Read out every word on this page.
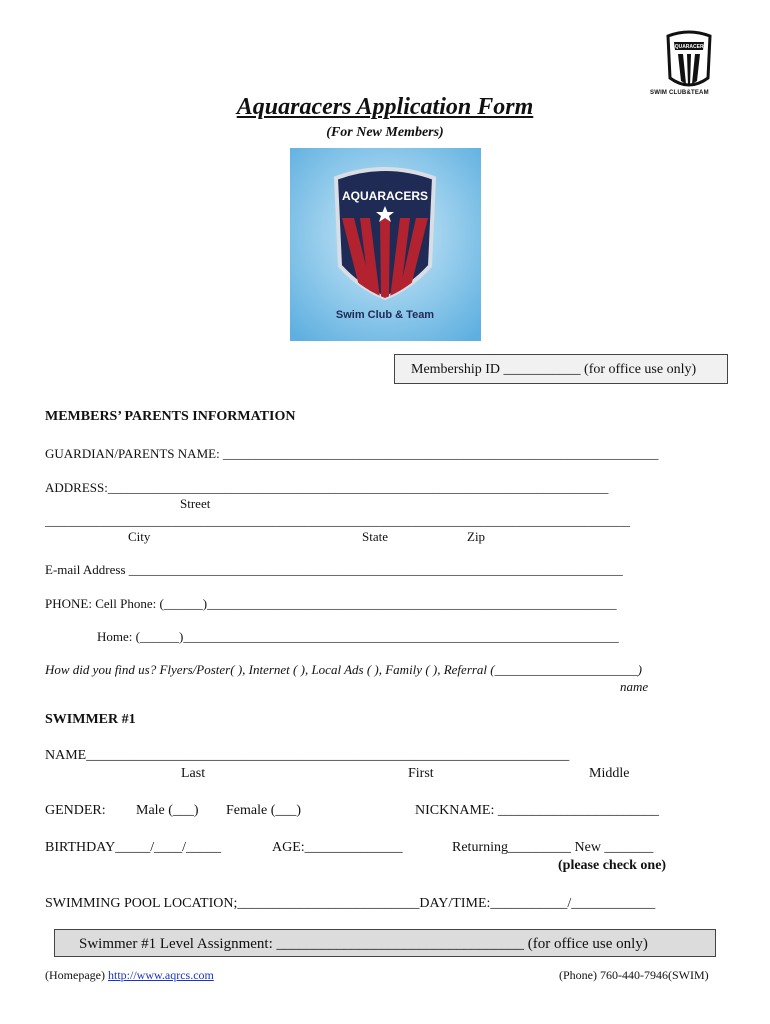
AQUARACERS
SWIM CLUB&TEAM
Aquaracers Application Form
(For New Members)
AQUARACERS
Swim Club & Team
Membership ID ___________ (for office use only)
MEMBERS’ PARENTS INFORMATION
GUARDIAN/PARENTS NAME: ___________________________________________________________________
ADDRESS:_____________________________________________________________________________
Street
__________________________________________________________________________________________
City	State	Zip
E-mail Address ____________________________________________________________________________
PHONE: Cell Phone: (______)_______________________________________________________________
Home: (______)___________________________________________________________________
How did you find us? Flyers/Poster( ), Internet ( ), Local Ads ( ), Family ( ), Referral (______________________)
name
SWIMMER #1
NAME_____________________________________________________________________
Last	First	Middle
GENDER: Male (___) Female (___)	NICKNAME: _______________________
BIRTHDAY_____/____/_____	AGE:______________	Returning_________ New _______
(please check one)
SWIMMING POOL LOCATION;__________________________DAY/TIME:___________/____________
Swimmer #1 Level Assignment: _________________________________ (for office use only)
(Homepage) http://www.aqrcs.com	(Phone) 760-440-7946(SWIM)
